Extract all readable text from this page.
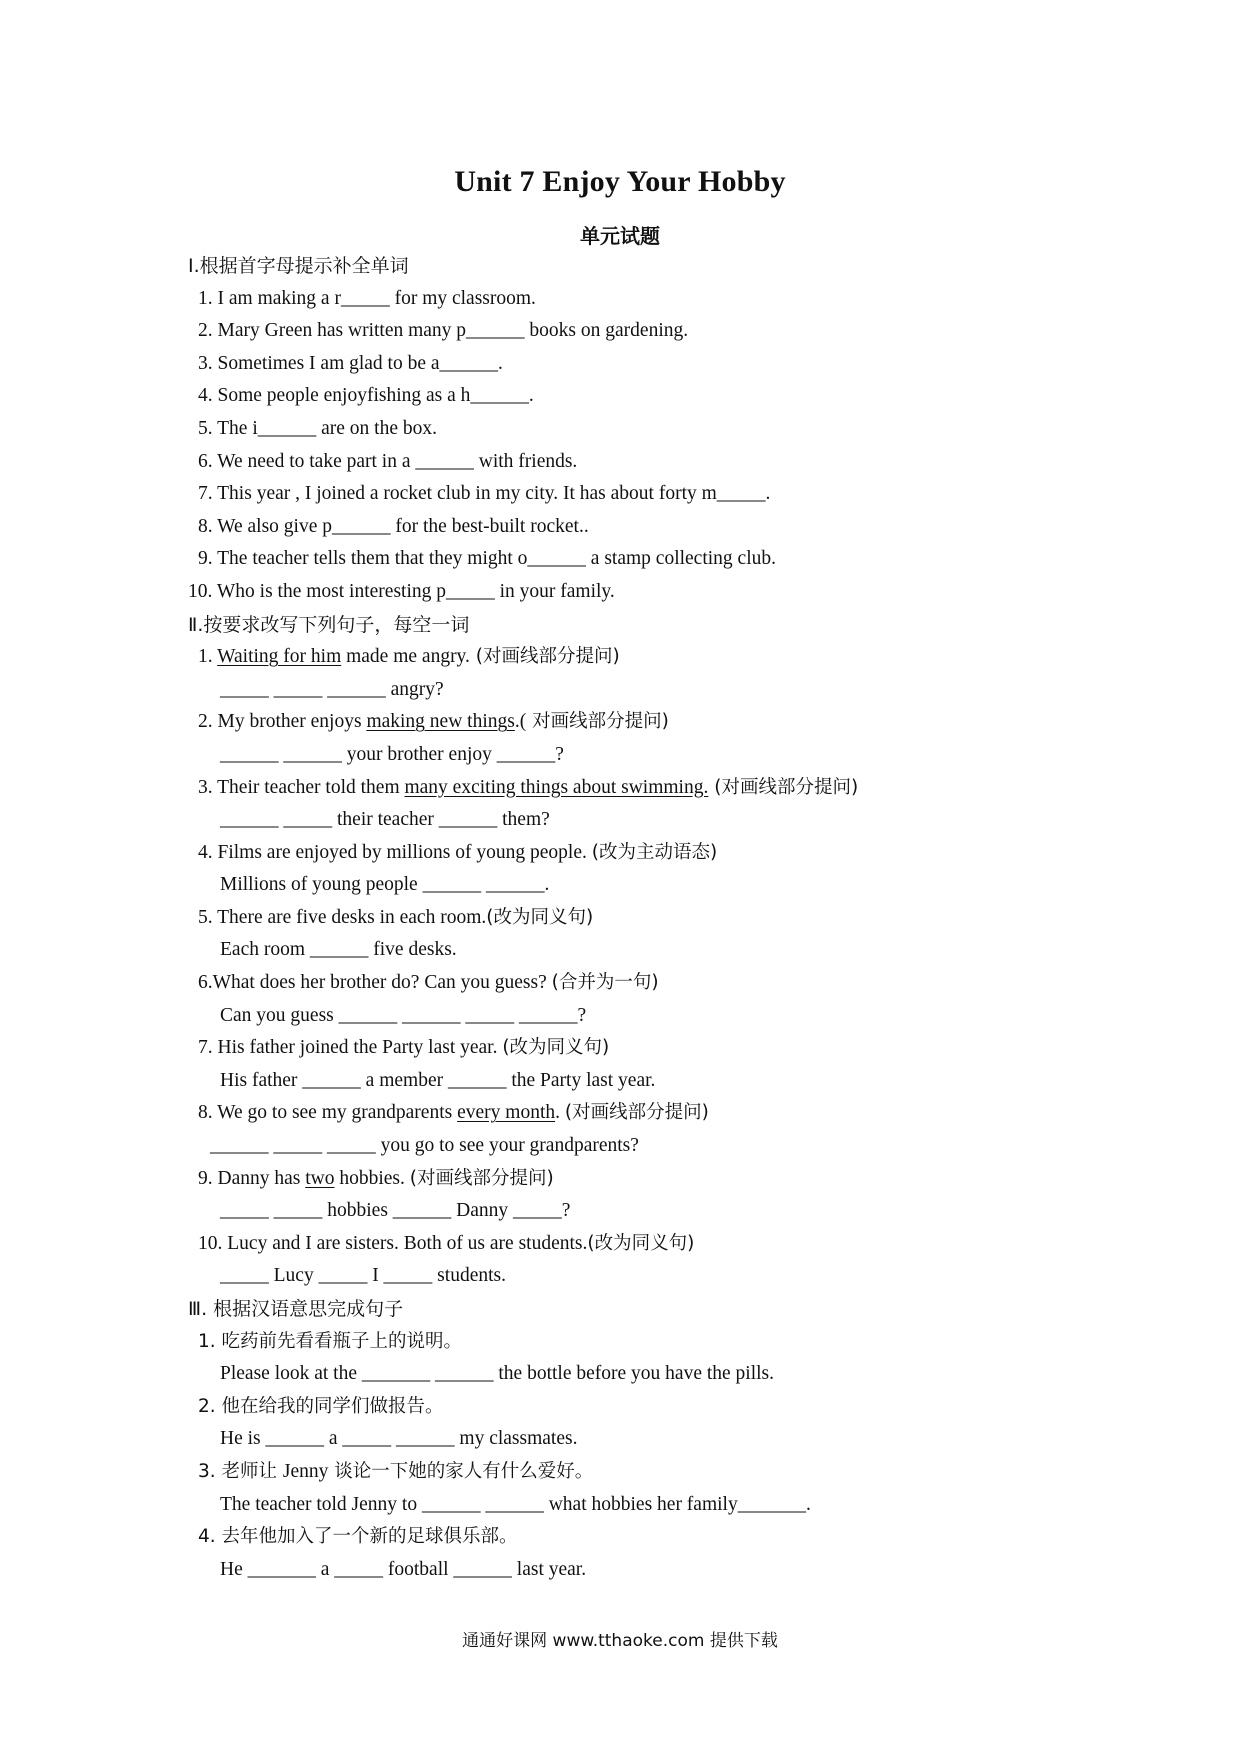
Unit 7 Enjoy Your Hobby
单元试题
Ⅰ.根据首字母提示补全单词
1. I am making a r_____ for my classroom.
2. Mary Green has written many p______ books on gardening.
3. Sometimes I am glad to be a______.
4. Some people enjoyfishing as a h______.
5. The i______ are on the box.
6. We need to take part in a ______ with friends.
7. This year , I joined a rocket club in my city. It has about forty m_____.
8. We also give p______ for the best-built rocket..
9. The teacher tells them that they might o______ a stamp collecting club.
10. Who is the most interesting p_____ in your family.
Ⅱ.按要求改写下列句子，每空一词
1. Waiting for him made me angry. (对画线部分提问)
_____ _____ ______ angry?
2. My brother enjoys making new things.( 对画线部分提问)
______ ______ your brother enjoy ______?
3. Their teacher told them many exciting things about swimming. (对画线部分提问)
______ _____ their teacher ______ them?
4. Films are enjoyed by millions of young people. (改为主动语态)
Millions of young people ______ ______.
5. There are five desks in each room.(改为同义句)
Each room ______ five desks.
6.What does her brother do? Can you guess? (合并为一句)
Can you guess ______ ______ _____ ______?
7. His father joined the Party last year. (改为同义句)
His father ______ a member ______ the Party last year.
8. We go to see my grandparents every month. (对画线部分提问)
______ _____ _____ you go to see your grandparents?
9. Danny has two hobbies. (对画线部分提问)
_____ _____ hobbies ______ Danny _____?
10. Lucy and I are sisters. Both of us are students.(改为同义句)
_____ Lucy _____ I _____ students.
Ⅲ. 根据汉语意思完成句子
1. 吃药前先看看瓶子上的说明。
Please look at the _______ ______ the bottle before you have the pills.
2. 他在给我的同学们做报告。
He is ______ a _____ ______ my classmates.
3. 老师让 Jenny 谈论一下她的家人有什么爱好。
The teacher told Jenny to ______ ______ what hobbies her family_______.
4. 去年他加入了一个新的足球俱乐部。
He _______ a _____ football ______ last year.
通通好课网 www.tthaoke.com 提供下载
